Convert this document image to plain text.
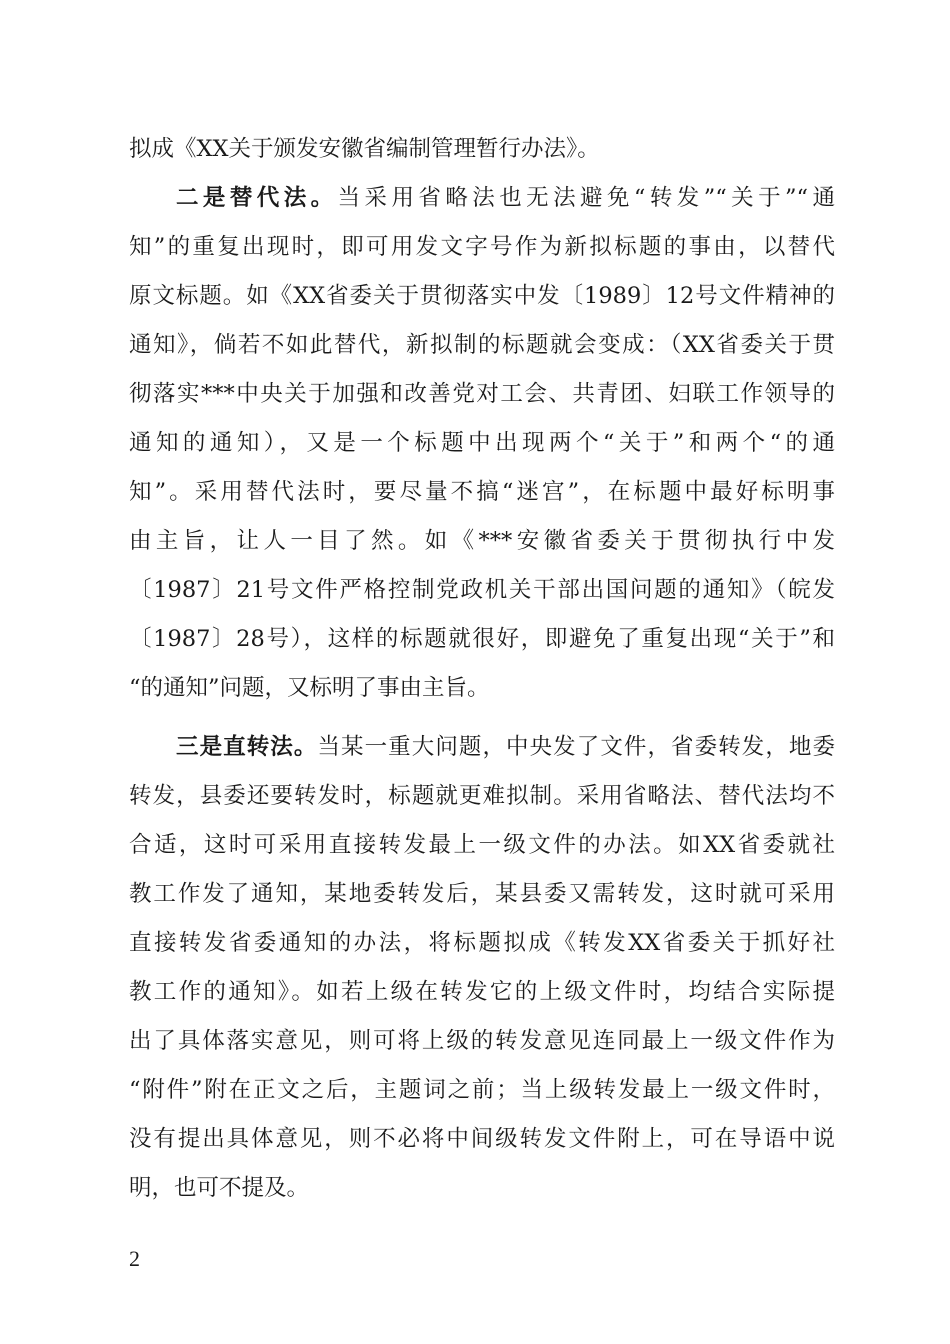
拟成《XX关于颁发安徽省编制管理暂行办法》。
二是替代法。当采用省略法也无法避免“转发”“关于”“通
知”的重复出现时，即可用发文字号作为新拟标题的事由，以替代
原文标题。如《XX省委关于贯彻落实中发〔1989〕12号文件精神的
通知》，倘若不如此替代，新拟制的标题就会变成：（XX省委关于贯
彻落实***中央关于加强和改善党对工会、共青团、妇联工作领导的
通知的通知），又是一个标题中出现两个“关于”和两个“的通
知”。采用替代法时，要尽量不搞“迷宫”，在标题中最好标明事
由主旨，让人一目了然。如《***安徽省委关于贯彻执行中发
〔1987〕21号文件严格控制党政机关干部出国问题的通知》（皖发
〔1987〕28号），这样的标题就很好，即避免了重复出现“关于”和
“的通知”问题，又标明了事由主旨。
三是直转法。当某一重大问题，中央发了文件，省委转发，地委
转发，县委还要转发时，标题就更难拟制。采用省略法、替代法均不
合适，这时可采用直接转发最上一级文件的办法。如XX省委就社
教工作发了通知，某地委转发后，某县委又需转发，这时就可采用
直接转发省委通知的办法，将标题拟成《转发XX省委关于抓好社
教工作的通知》。如若上级在转发它的上级文件时，均结合实际提
出了具体落实意见，则可将上级的转发意见连同最上一级文件作为
“附件”附在正文之后，主题词之前；当上级转发最上一级文件时，
没有提出具体意见，则不必将中间级转发文件附上，可在导语中说
明，也可不提及。
2
